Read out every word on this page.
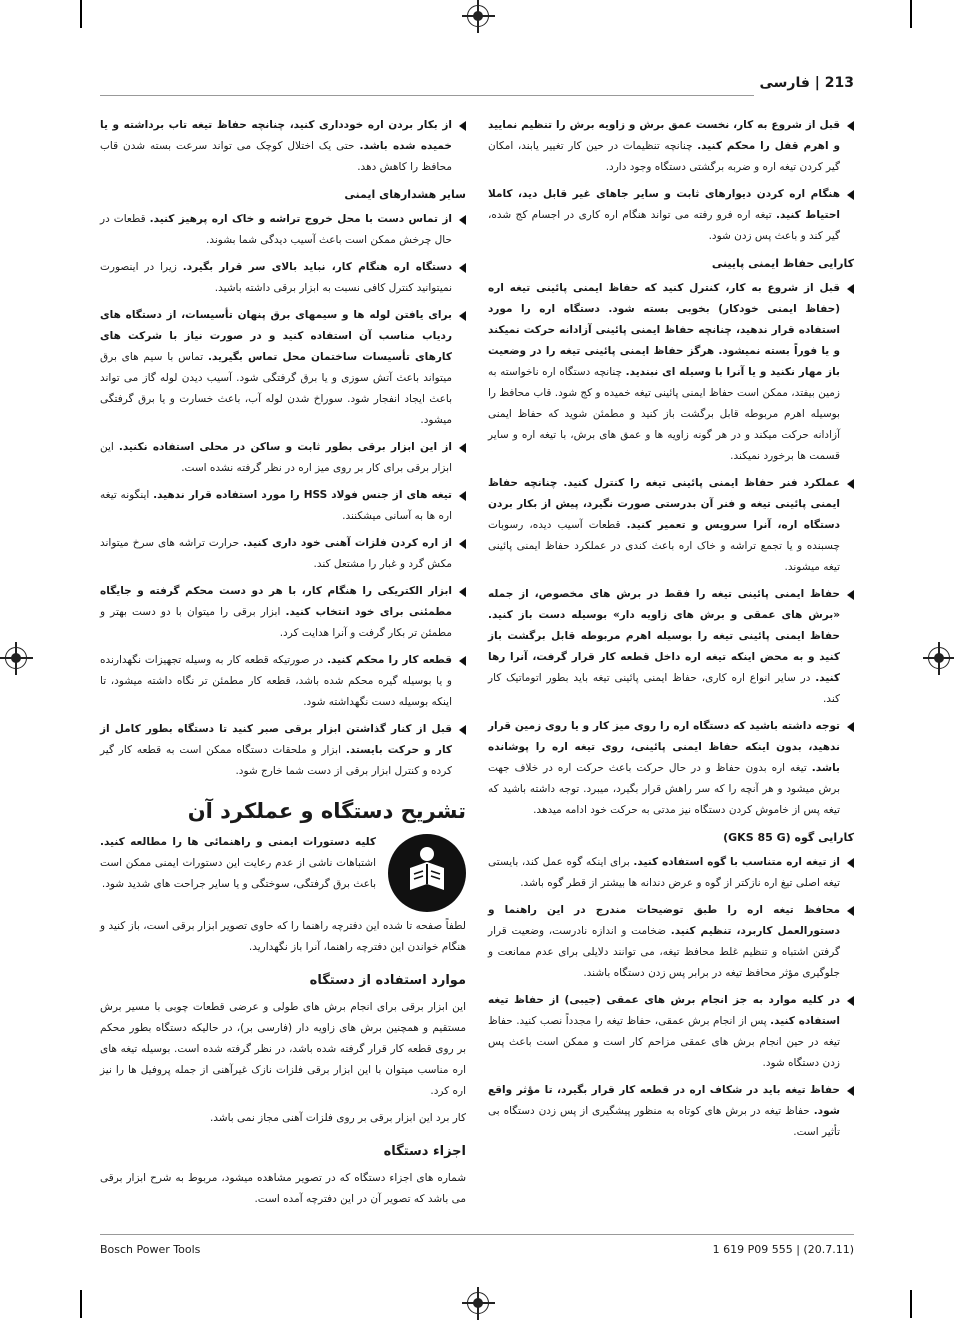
213 | فارسی
قبل از شروع به کار، نخست عمق برش و زاویه برش را تنظیم نمایید و اهرم قفل را محکم کنید. چنانچه تنظیمات در حین کار تغییر یابند، امکان گیر کردن تیغه اره و ضربه برگشتی دستگاه وجود دارد.
هنگام اره کردن دیوارهای ثابت و سایر جاهای غیر قابل دید، کاملا احتیاط کنید. تیغه اره فرو رفته می تواند هنگام اره کاری در اجسام کج شده، گیر کند و باعث پس زدن شود.
کارایی حفاظ ایمنی پایینی
قبل از شروع به کار، کنترل کنید که حفاظ ایمنی پائینی تیغه اره (حفاظ ایمنی خودکار) بخوبی بسته شود. دستگاه اره را مورد استفاده قرار ندهید، چنانچه حفاظ ایمنی پائینی آزادانه حرکت نمیکند و یا فوراً بسته نمیشود. هرگز حفاظ ایمنی پائینی تیغه را در وضعیت باز مهار نکنید و یا آنرا با وسیله ای نبندید. چنانچه دستگاه اره ناخواسته به زمین بیفتد، ممکن است حفاظ ایمنی پائینی تیغه خمیده و کج شود. قاب محافظ را بوسیله اهرم مربوطه قابل برگشت باز کنید و مطمئن شوید که حفاظ ایمنی آزادانه حرکت میکند و در هر گونه زاویه ها و عمق های برش، با تیغه اره و سایر قسمت ها برخورد نمیکند.
عملکرد فنر حفاظ ایمنی پائینی تیغه را کنترل کنید. چنانچه حفاظ ایمنی پائینی تیغه و فنر آن بدرستی صورت نگیرد، پیش از بکار بردن دستگاه اره، آنرا سرویس و تعمیر کنید. قطعات آسیب دیده، رسوبات چسبنده و یا تجمع تراشه و خاک اره باعث کندی در عملکرد حفاظ ایمنی پائینی تیغه میشوند.
حفاظ ایمنی پائینی تیغه را فقط در برش های مخصوص، از جمله «برش های عمقی و برش های زاویه دار» بوسیله دست باز کنید. حفاظ ایمنی پائینی تیغه را بوسیله اهرم مربوطه قابل برگشت باز کنید و به محض اینکه تیغه اره داخل قطعه کار قرار گرفت، آنرا رها کنید. در سایر انواع اره کاری، حفاظ ایمنی پائینی تیغه باید بطور اتوماتیک کار کند.
توجه داشته باشید که دستگاه اره را روی میز کار و یا روی زمین قرار ندهید، بدون اینکه حفاظ ایمنی پائینی، روی تیغه اره را پوشانده باشد. تیغه اره بدون حفاظ و در حال حرکت باعث حرکت اره در خلاف جهت برش میشود و هر آنچه را که سر راهش قرار بگیرد، میبرد. توجه داشته باشید که تیغه پس از خاموش کردن دستگاه نیز مدتی به حرکت خود ادامه میدهد.
کارایی گوه (GKS 85 G)
از تیغه اره متناسب با گوه استفاده کنید. برای اینکه گوه عمل کند، بایستی تیغه اصلی تیغ اره نازکتر از گوه و عرض دندانه ها بیشتر از قطر گوه باشد.
محافظ تیغه اره را طبق توضیحات مندرج در این راهنما و دستورالعمل کاربرد، تنظیم کنید. ضخامت و اندازه نادرست، وضعیت قرار گرفتن اشتباه و تنظیم غلط محافظ تیغه، می توانند دلایلی برای عدم ممانعت و جلوگیری مؤثر محافظ تیغه در برابر پس زدن دستگاه باشند.
در کلیه موارد به جز انجام برش های عمقی (جیبی) از حفاظ تیغه استفاده کنید. پس از انجام برش عمقی، حفاظ تیغه را مجدداً نصب کنید. حفاظ تیغه در حین انجام برش های عمقی مزاحم کار است و ممکن است باعث پس زدن دستگاه شود.
حفاظ تیغه باید در شکاف اره در قطعه کار قرار بگیرد، تا مؤثر واقع شود. حفاظ تیغه در برش های کوتاه به منظور پیشگیری از پس زدن دستگاه بی تأثیر است.
از بکار بردن اره خودداری کنید، چنانچه حفاظ تیغه تاب برداشته و یا خمیده شده باشد. حتی یک اختلال کوچک می تواند سرعت بسته شدن قاب محافظ را کاهش دهد.
سایر هشدارهای ایمنی
از تماس دست با محل خروج تراشه و خاک اره پرهیز کنید. قطعات در حال چرخش ممکن است باعث آسیب دیدگی شما بشوند.
دستگاه اره هنگام کار، نباید بالای سر قرار بگیرد. زیرا در اینصورت نمیتوانید کنترل کافی نسبت به ابزار برقی داشته باشید.
برای یافتن لوله ها و سیمهای برق پنهان تأسیسات، از دستگاه های ردیاب مناسب آن استفاده کنید و در صورت نیاز با شرکت های کارهای تأسیسات ساختمان محل تماس بگیرید. تماس با سیم های برق میتواند باعث آتش سوزی و یا برق گرفتگی شود. آسیب دیدن لوله گاز می تواند باعث ایجاد انفجار شود. سوراخ شدن لوله آب، باعث خسارت و یا برق گرفتگی میشود.
از این ابزار برقی بطور ثابت و ساکن در محلی استفاده نکنید. این ابزار برقی برای کار بر روی میز اره در نظر گرفته نشده است.
تیغه های از جنس فولاد HSS را مورد استفاده قرار ندهید. اینگونه تیغه اره ها به آسانی میشکنند.
از اره کردن فلزات آهنی خود داری کنید. حرارت تراشه های سرخ میتواند مکش گرد و غبار را مشتعل کند.
ابزار الکتریکی را هنگام کار، با هر دو دست محکم گرفته و جایگاه مطمئنی برای خود انتخاب کنید. ابزار برقی را میتوان با دو دست بهتر و مطمئن تر بکار گرفت و آنرا هدایت کرد.
قطعه کار را محکم کنید. در صورتیکه قطعه کار به وسیله تجهیزات نگهدارنده و یا بوسیله گیره محکم شده باشد، قطعه کار مطمئن تر نگاه داشته میشود، تا اینکه بوسیله دست نگهداشته شود.
قبل از کنار گذاشتن ابزار برقی صبر کنید تا دستگاه بطور کامل از کار و حرکت بایستد. ابزار و ملحقات دستگاه ممکن است به قطعه کار گیر کرده و کنترل ابزار برقی از دست شما خارج شود.
تشریح دستگاه و عملکرد آن
کلیه دستورات ایمنی و راهنمائی ها را مطالعه کنید. اشتباهات ناشی از عدم رعایت این دستورات ایمنی ممکن است باعث برق گرفتگی، سوختگی و یا سایر جراحت های شدید شود.
لطفاً صفحه تا شده این دفترچه راهنما را که حاوی تصویر ابزار برقی است، باز کنید و هنگام خواندن این دفترچه راهنما، آنرا باز نگهدارید.
موارد استفاده از دستگاه
این ابزار برقی برای انجام برش های طولی و عرضی قطعات چوبی با مسیر برش مستقیم و همچنین برش های زاویه دار (فارسی بر)، در حالیکه دستگاه بطور محکم بر روی قطعه کار قرار گرفته شده باشد، در نظر گرفته شده است. بوسیله تیغه های اره مناسب میتوان با این ابزار برقی فلزات نازک غیرآهنی از جمله پروفیل ها را نیز اره کرد.
کار برد این ابزار برقی بر روی فلزات آهنی مجاز نمی باشد.
اجزاء دستگاه
شماره های اجزاء دستگاه که در تصویر مشاهده میشود، مربوط به شرح ابزار برقی می باشد که تصویر آن در این دفترچه آمده است.
Bosch Power Tools	1 619 P09 555 | (20.7.11)
